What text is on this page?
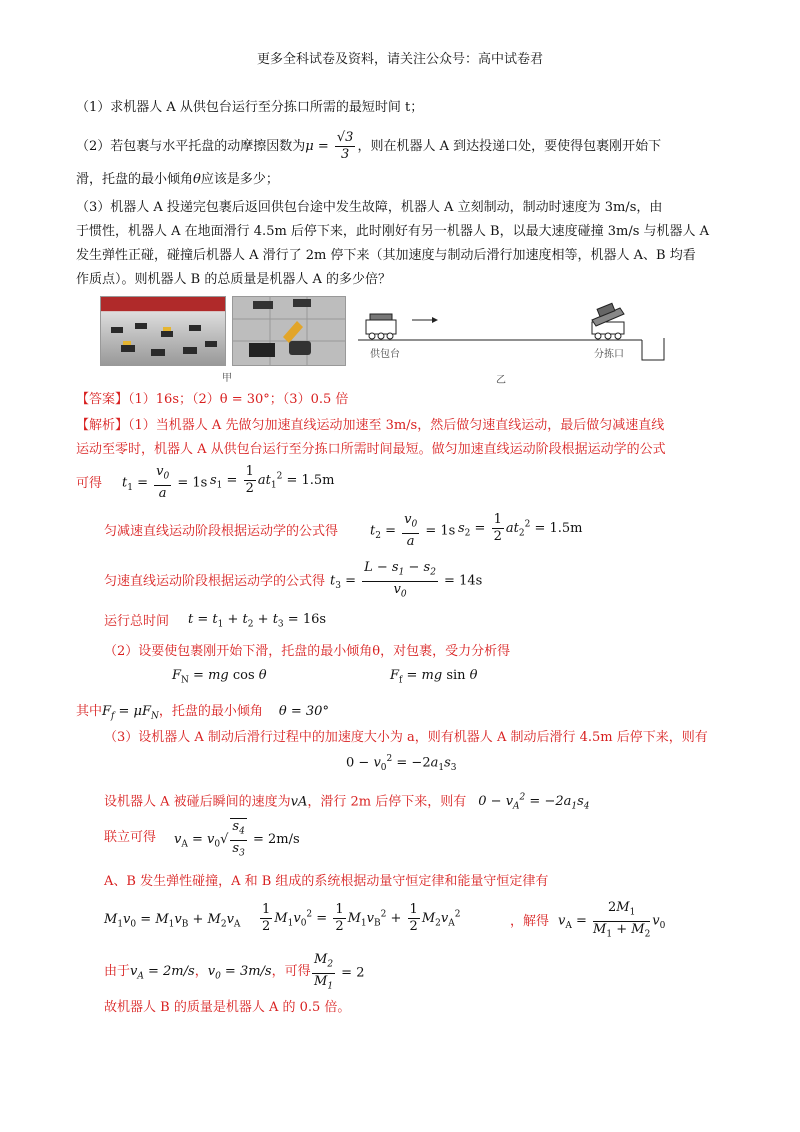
更多全科试卷及资料，请关注公众号：高中试卷君
（1）求机器人 A 从供包台运行至分拣口所需的最短时间 t；
（2）若包裹与水平托盘的动摩擦因数为$\mu = \frac{√3}{3}$ ，则在机器人 A 到达投递口处，要使得包裹刚开始下
滑，托盘的最小倾角θ应该是多少；
（3）机器人 A 投递完包裹后返回供包台途中发生故障，机器人 A 立刻制动，制动时速度为 3m/s，由
于惯性，机器人 A 在地面滑行 4.5m 后停下来，此时刚好有另一机器人 B，以最大速度碰撞 3m/s 与机器人 A
发生弹性正碰，碰撞后机器人 A 滑行了 2m 停下来（其加速度与制动后滑行加速度相等，机器人 A、B 均看
作质点）。则机器人 B 的总质量是机器人 A 的多少倍？
甲
供包台	分拣口
乙
【答案】（1）16s；（2）θ = 30°；（3）0.5 倍
【解析】（1）当机器人 A 先做匀加速直线运动加速至 3m/s，然后做匀速直线运动，最后做匀减速直线
运动至零时，机器人 A 从供包台运行至分拣口所需时间最短。做匀加速直线运动阶段根据运动学的公式
可得	$t_1 = \frac{v_0}{a} = 1s$ $s_1 = \frac{1}{2} at_1^2 = 1.5m$
匀减速直线运动阶段根据运动学的公式得	$t_2 = \frac{v_0}{a} = 1s$ $s_2 = \frac{1}{2} at_2^2 = 1.5m$
匀速直线运动阶段根据运动学的公式得 $t_3 = \frac{L - s_1 - s_2}{v_0} = 14s$
运行总时间	$t = t_1 + t_2 + t_3 = 16s$
（2）设要使包裹刚开始下滑，托盘的最小倾角θ，对包裹，受力分析得
$F_N$ = mg cos θ	$F_f$ = mg sin θ
其中$F_f = \mu F_N$，托盘的最小倾角 θ = 30°
（3）设机器人 A 制动后滑行过程中的加速度大小为 a，则有机器人 A 制动后滑行 4.5m 后停下来，则有
$0 - v_0^2 = -2a_1s_3$
设机器人 A 被碰后瞬间的速度为vA，滑行 2m 后停下来，则有 $0 - v_A^2 = -2a_1s_4$
联立可得	$v_A = v_0√ \frac{s_4}{s_3} = 2m/s$
A、B 发生弹性碰撞，A 和 B 组成的系统根据动量守恒定律和能量守恒定律有
$M_1v_0 = M_1v_B + M_2v_A \frac{1}{2} M_1v_0^2 = \frac{1}{2} M_1v_B^2 + \frac{1}{2} M_2v_A^2$	，解得 $v_A = \frac{2M_1}{M_1 + M_2} v_0$
由于$v_A = 2m/s$，$v_0 = 3m/s$，可得 $\frac{M_2}{M_1} = 2$
故机器人 B 的质量是机器人 A 的 0.5 倍。
